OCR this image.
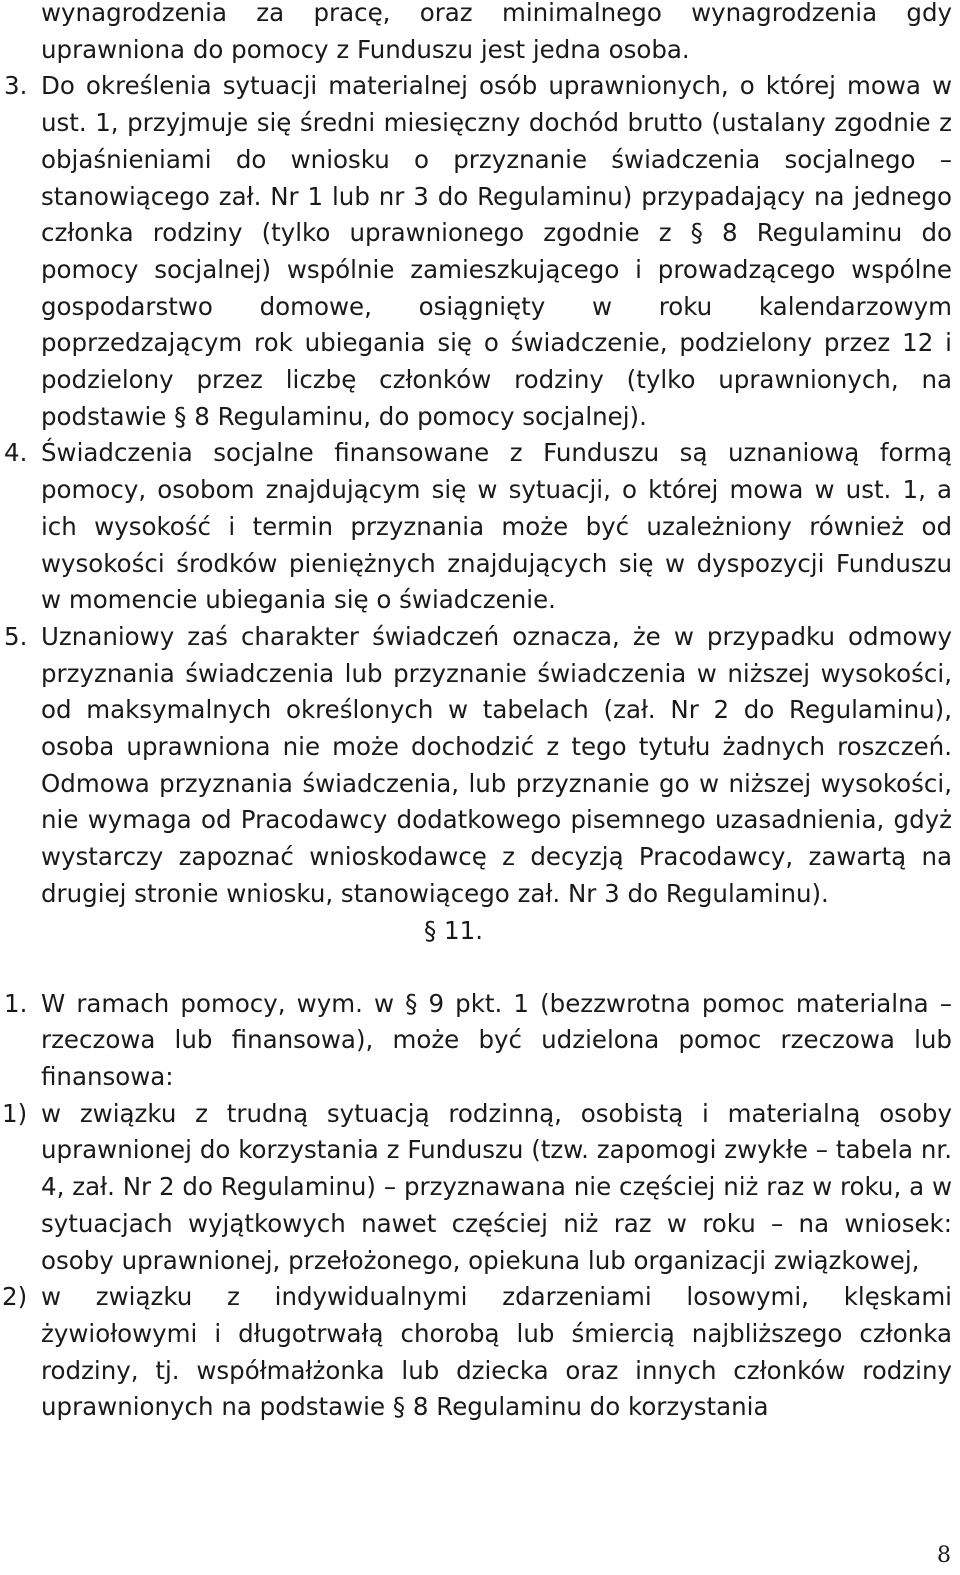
wynagrodzenia za pracę, oraz minimalnego wynagrodzenia gdy uprawniona do pomocy z Funduszu jest jedna osoba.

3. Do określenia sytuacji materialnej osób uprawnionych, o której mowa w ust. 1, przyjmuje się średni miesięczny dochód brutto (ustalany zgodnie z objaśnieniami do wniosku o przyznanie świadczenia socjalnego – stanowiącego zał. Nr 1 lub nr 3 do Regulaminu) przypadający na jednego członka rodziny (tylko uprawnionego zgodnie z § 8 Regulaminu do pomocy socjalnej) wspólnie zamieszkującego i prowadzącego wspólne gospodarstwo domowe, osiągnięty w roku kalendarzowym poprzedzającym rok ubiegania się o świadczenie, podzielony przez 12 i podzielony przez liczbę członków rodziny (tylko uprawnionych, na podstawie § 8 Regulaminu, do pomocy socjalnej).
4. Świadczenia socjalne finansowane z Funduszu są uznaniową formą pomocy, osobom znajdującym się w sytuacji, o której mowa w ust. 1, a ich wysokość i termin przyznania może być uzależniony również od wysokości środków pieniężnych znajdujących się w dyspozycji Funduszu w momencie ubiegania się o świadczenie.
5. Uznaniowy zaś charakter świadczeń oznacza, że w przypadku odmowy przyznania świadczenia lub przyznanie świadczenia w niższej wysokości, od maksymalnych określonych w tabelach (zał. Nr 2 do Regulaminu), osoba uprawniona nie może dochodzić z tego tytułu żadnych roszczeń. Odmowa przyznania świadczenia, lub przyznanie go w niższej wysokości, nie wymaga od Pracodawcy dodatkowego pisemnego uzasadnienia, gdyż wystarczy zapoznać wnioskodawcę z decyzją Pracodawcy, zawartą na drugiej stronie wniosku, stanowiącego zał. Nr 3 do Regulaminu).

§ 11.

1. W ramach pomocy, wym. w § 9 pkt. 1 (bezzwrotna pomoc materialna – rzeczowa lub finansowa), może być udzielona pomoc rzeczowa lub finansowa:
1) w związku z trudną sytuacją rodzinną, osobistą i materialną osoby uprawnionej do korzystania z Funduszu (tzw. zapomogi zwykłe – tabela nr. 4, zał. Nr 2 do Regulaminu) – przyznawana nie częściej niż raz w roku, a w sytuacjach wyjątkowych nawet częściej niż raz w roku – na wniosek: osoby uprawnionej, przełożonego, opiekuna lub organizacji związkowej,
2) w związku z indywidualnymi zdarzeniami losowymi, klęskami żywiołowymi i długotrwałą chorobą lub śmiercią najbliższego członka rodziny, tj. współmałżonka lub dziecka oraz innych członków rodziny uprawnionych na podstawie § 8 Regulaminu do korzystania
8
